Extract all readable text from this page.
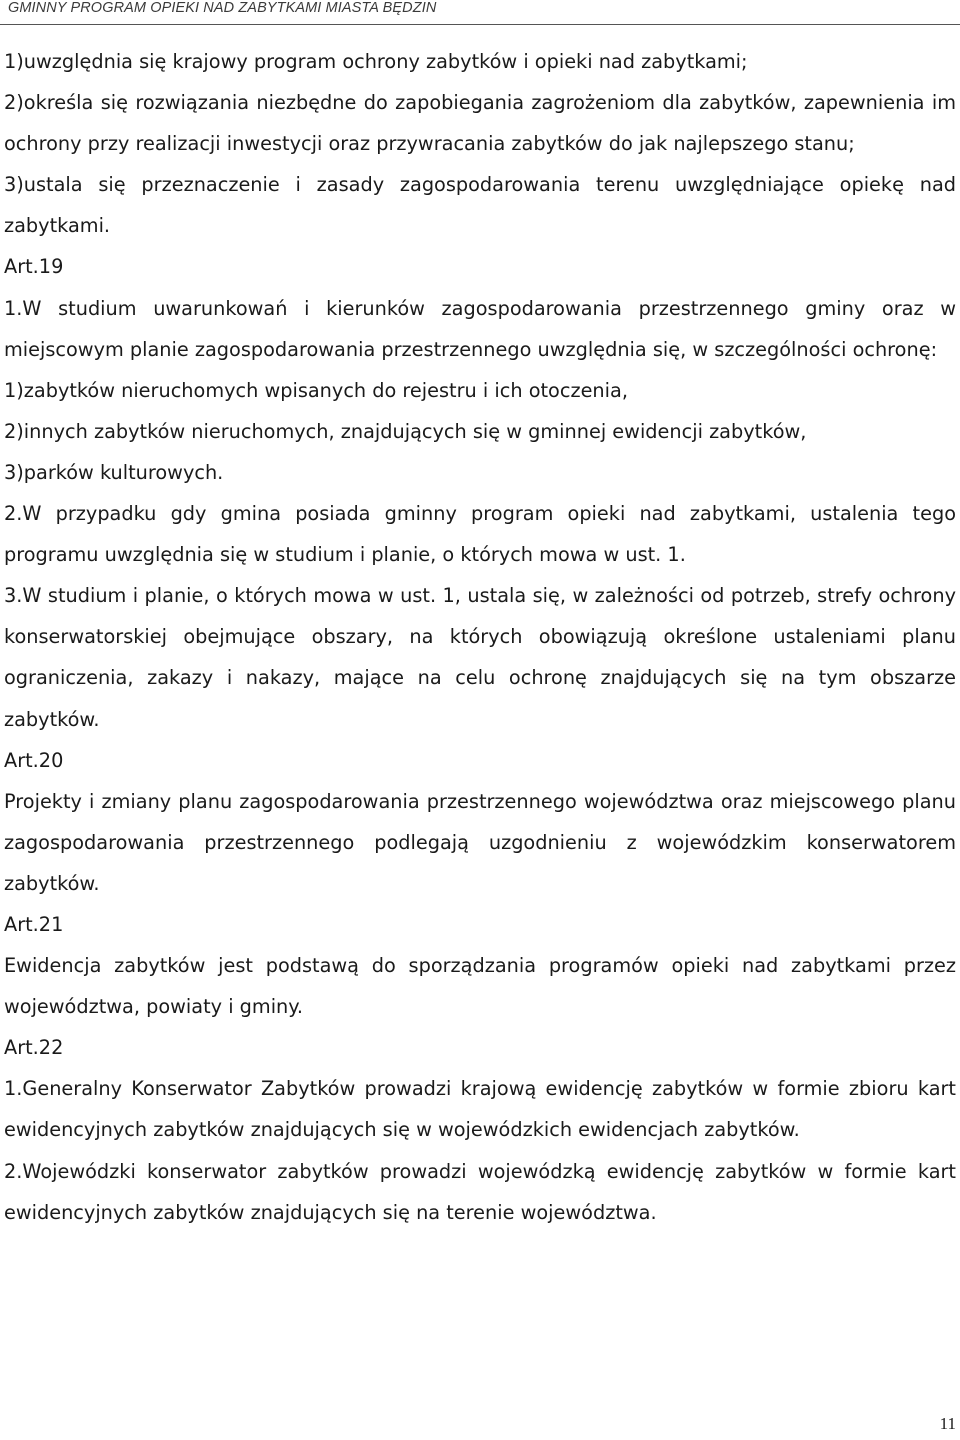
GMINNY PROGRAM OPIEKI NAD ZABYTKAMI MIASTA BĘDZIN

1)uwzględnia się krajowy program ochrony zabytków i opieki nad zabytkami;

2)określa się rozwiązania niezbędne do zapobiegania zagrożeniom dla zabytków, zapewnienia im ochrony przy realizacji inwestycji oraz przywracania zabytków do jak najlepszego stanu;

3)ustala się przeznaczenie i zasady zagospodarowania terenu uwzględniające opiekę nad zabytkami.

Art.19

1.W studium uwarunkowań i kierunków zagospodarowania przestrzennego gminy oraz w miejscowym planie zagospodarowania przestrzennego uwzględnia się, w szczególności ochronę:

1)zabytków nieruchomych wpisanych do rejestru i ich otoczenia,

2)innych zabytków nieruchomych, znajdujących się w gminnej ewidencji zabytków,

3)parków kulturowych.

2.W przypadku gdy gmina posiada gminny program opieki nad zabytkami, ustalenia tego programu uwzględnia się w studium i planie, o których mowa w ust. 1.

3.W studium i planie, o których mowa w ust. 1, ustala się, w zależności od potrzeb, strefy ochrony konserwatorskiej obejmujące obszary, na których obowiązują określone ustaleniami planu ograniczenia, zakazy i nakazy, mające na celu ochronę znajdujących się na tym obszarze zabytków.

Art.20

Projekty i zmiany planu zagospodarowania przestrzennego województwa oraz miejscowego planu zagospodarowania przestrzennego podlegają uzgodnieniu z wojewódzkim konserwatorem zabytków.

Art.21

Ewidencja zabytków jest podstawą do sporządzania programów opieki nad zabytkami przez województwa, powiaty i gminy.

Art.22

1.Generalny Konserwator Zabytków prowadzi krajową ewidencję zabytków w formie zbioru kart ewidencyjnych zabytków znajdujących się w wojewódzkich ewidencjach zabytków.

2.Wojewódzki konserwator zabytków prowadzi wojewódzką ewidencję zabytków w formie kart ewidencyjnych zabytków znajdujących się na terenie województwa.

11
